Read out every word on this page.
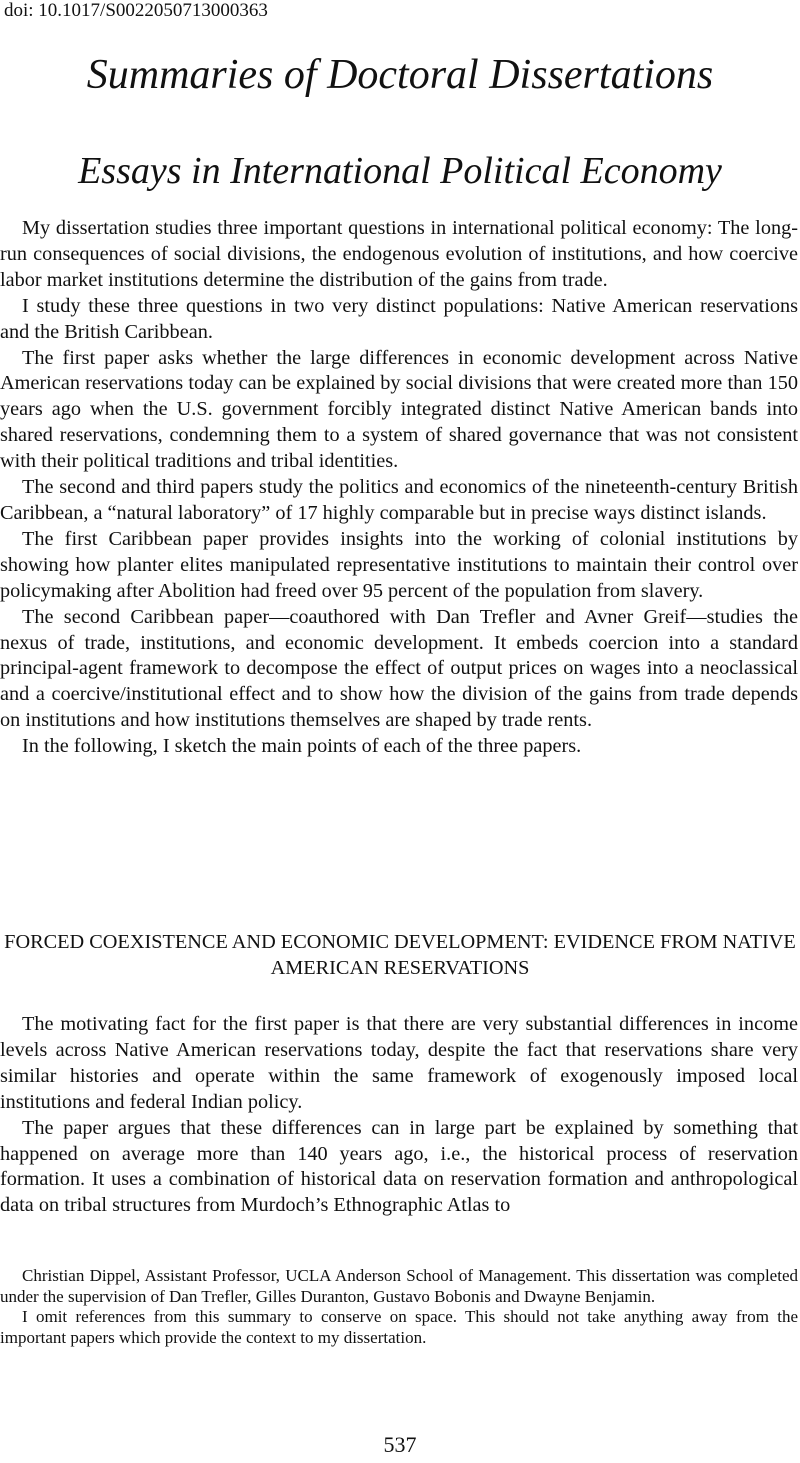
doi: 10.1017/S0022050713000363
Summaries of Doctoral Dissertations
Essays in International Political Economy

My dissertation studies three important questions in international political economy: The long-run consequences of social divisions, the endogenous evolution of institutions, and how coercive labor market institutions determine the distribution of the gains from trade.

I study these three questions in two very distinct populations: Native American reservations and the British Caribbean.

The first paper asks whether the large differences in economic development across Native American reservations today can be explained by social divisions that were created more than 150 years ago when the U.S. government forcibly integrated distinct Native American bands into shared reservations, condemning them to a system of shared governance that was not consistent with their political traditions and tribal identities.

The second and third papers study the politics and economics of the nineteenth-century British Caribbean, a “natural laboratory” of 17 highly comparable but in precise ways distinct islands.

The first Caribbean paper provides insights into the working of colonial institutions by showing how planter elites manipulated representative institutions to maintain their control over policymaking after Abolition had freed over 95 percent of the population from slavery.

The second Caribbean paper—coauthored with Dan Trefler and Avner Greif—studies the nexus of trade, institutions, and economic development. It embeds coercion into a standard principal-agent framework to decompose the effect of output prices on wages into a neoclassical and a coercive/institutional effect and to show how the division of the gains from trade depends on institutions and how institutions themselves are shaped by trade rents.

In the following, I sketch the main points of each of the three papers.

FORCED COEXISTENCE AND ECONOMIC DEVELOPMENT: EVIDENCE FROM NATIVE AMERICAN RESERVATIONS

The motivating fact for the first paper is that there are very substantial differences in income levels across Native American reservations today, despite the fact that reservations share very similar histories and operate within the same framework of exogenously imposed local institutions and federal Indian policy.

The paper argues that these differences can in large part be explained by something that happened on average more than 140 years ago, i.e., the historical process of reservation formation. It uses a combination of historical data on reservation formation and anthropological data on tribal structures from Murdoch’s Ethnographic Atlas to

Christian Dippel, Assistant Professor, UCLA Anderson School of Management. This dissertation was completed under the supervision of Dan Trefler, Gilles Duranton, Gustavo Bobonis and Dwayne Benjamin.

I omit references from this summary to conserve on space. This should not take anything away from the important papers which provide the context to my dissertation.

537
